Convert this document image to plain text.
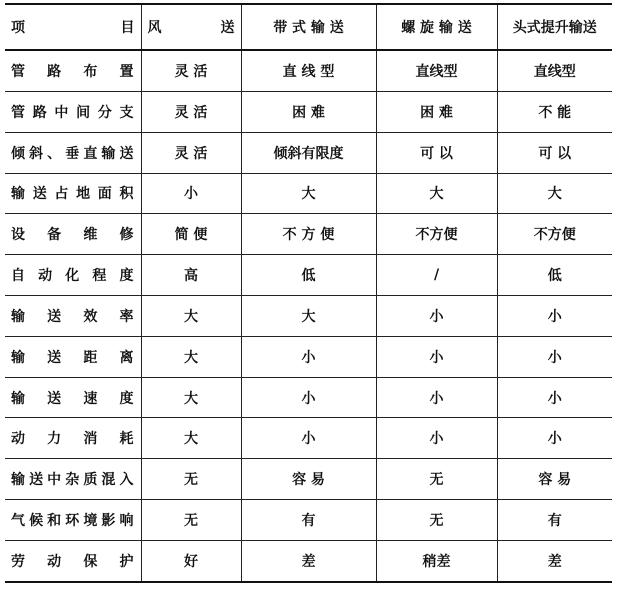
项 目	风 送	带 式 输 送	螺 旋 输 送	头式提升输送
管路布置	灵 活	直 线 型	直线型	直线型
管路中间分支	灵 活	困 难	困 难	不 能
倾斜、垂直输送	灵 活	倾斜有限度	可 以	可 以
输送占地面积	小	大	大	大
设备维修	简 便	不 方 便	不方便	不方便
自动化程度	高	低	/	低
输送效率	大	大	小	小
输送距离	大	小	小	小
输送速度	大	小	小	小
动力消耗	大	小	小	小
输送中杂质混入	无	容 易	无	容 易
气候和环境影响	无	有	无	有
劳动保护	好	差	稍差	差
